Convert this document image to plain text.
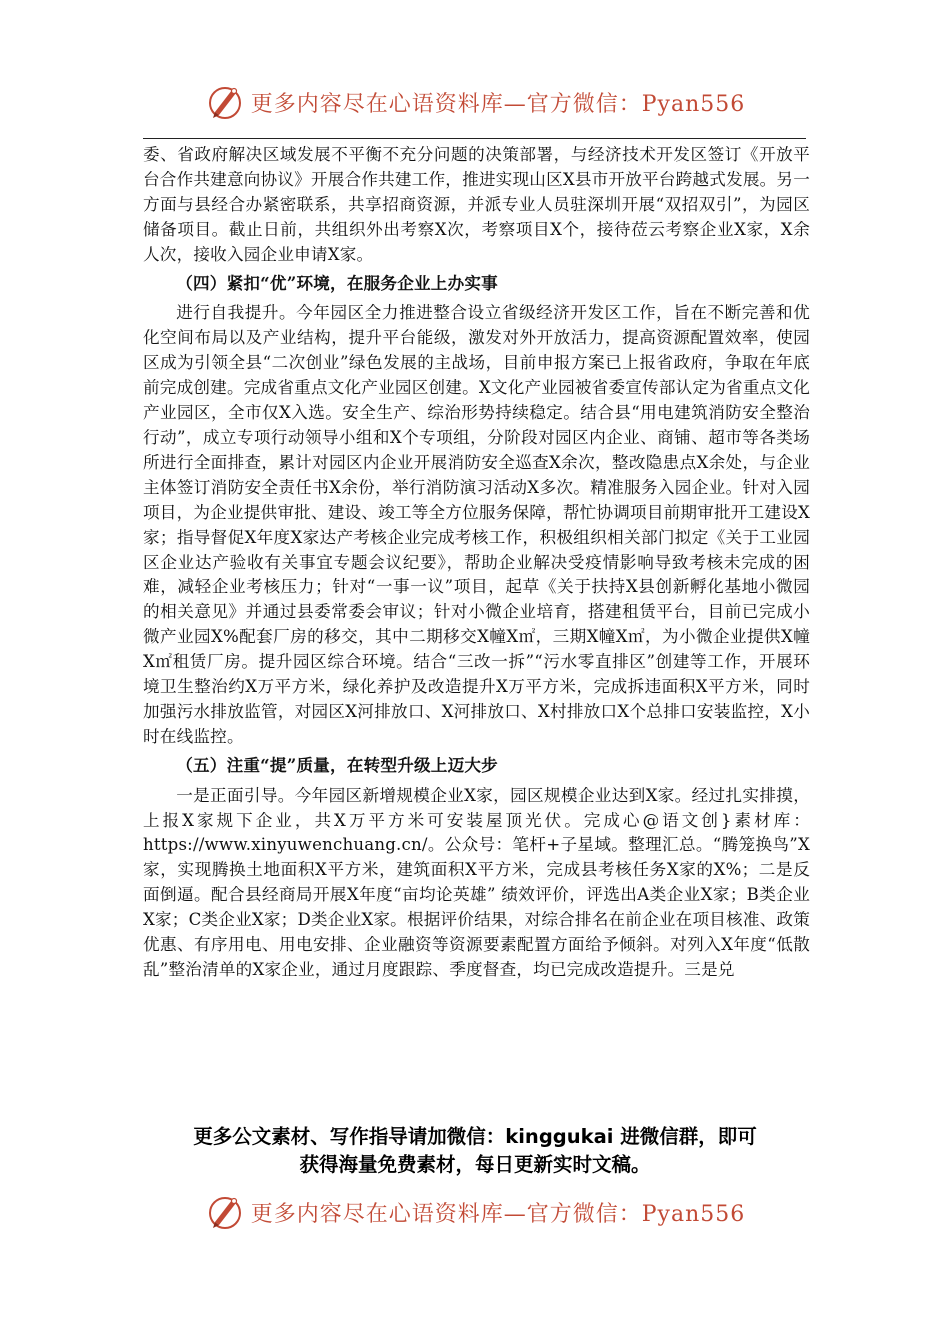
更多内容尽在心语资料库—官方微信：Pyan556

委、省政府解决区域发展不平衡不充分问题的决策部署，与经济技术开发区签订《开放平台合作共建意向协议》开展合作共建工作，推进实现山区X县市开放平台跨越式发展。另一方面与县经合办紧密联系，共享招商资源，并派专业人员驻深圳开展“双招双引”，为园区储备项目。截止日前，共组织外出考察X次，考察项目X个，接待莅云考察企业X家，X余人次，接收入园企业申请X家。

（四）紧扣“优”环境，在服务企业上办实事

进行自我提升。今年园区全力推进整合设立省级经济开发区工作，旨在不断完善和优化空间布局以及产业结构，提升平台能级，激发对外开放活力，提高资源配置效率，使园区成为引领全县“二次创业”绿色发展的主战场，目前申报方案已上报省政府，争取在年底前完成创建。完成省重点文化产业园区创建。X文化产业园被省委宣传部认定为省重点文化产业园区，全市仅X入选。安全生产、综治形势持续稳定。结合县“用电建筑消防安全整治行动”，成立专项行动领导小组和X个专项组，分阶段对园区内企业、商铺、超市等各类场所进行全面排查，累计对园区内企业开展消防安全巡查X余次，整改隐患点X余处，与企业主体签订消防安全责任书X余份，举行消防演习活动X多次。精准服务入园企业。针对入园项目，为企业提供审批、建设、竣工等全方位服务保障，帮忙协调项目前期审批开工建设X家；指导督促X年度X家达产考核企业完成考核工作，积极组织相关部门拟定《关于工业园区企业达产验收有关事宜专题会议纪要》，帮助企业解决受疫情影响导致考核未完成的困难，减轻企业考核压力；针对“一事一议”项目，起草《关于扶持X县创新孵化基地小微园的相关意见》并通过县委常委会审议；针对小微企业培育，搭建租赁平台，目前已完成小微产业园X%配套厂房的移交，其中二期移交X幢X㎡，三期X幢X㎡，为小微企业提供X幢X㎡租赁厂房。提升园区综合环境。结合“三改一拆”“污水零直排区”创建等工作，开展环境卫生整治约X万平方米，绿化养护及改造提升X万平方米，完成拆违面积X平方米，同时加强污水排放监管，对园区X河排放口、X河排放口、X村排放口X个总排口安装监控，X小时在线监控。

（五）注重“提”质量，在转型升级上迈大步

一是正面引导。今年园区新增规模企业X家，园区规模企业达到X家。经过扎实排摸，上报X家规下企业，共X万平方米可安装屋顶光伏。完成心@语文创}素材库：https://www.xinyuwenchuang.cn/。公众号：笔杆+子星域。整理汇总。“腾笼换鸟”X家，实现腾换土地面积X平方米，建筑面积X平方米，完成县考核任务X家的X%；二是反面倒逼。配合县经商局开展X年度“亩均论英雄” 绩效评价，评选出A类企业X家；B类企业X家；C类企业X家；D类企业X家。根据评价结果，对综合排名在前企业在项目核准、政策优惠、有序用电、用电安排、企业融资等资源要素配置方面给予倾斜。对列入X年度“低散乱”整治清单的X家企业，通过月度跟踪、季度督查，均已完成改造提升。三是兑

更多公文素材、写作指导请加微信：kinggukai 进微信群，即可

获得海量免费素材，每日更新实时文稿。

更多内容尽在心语资料库—官方微信：Pyan556
